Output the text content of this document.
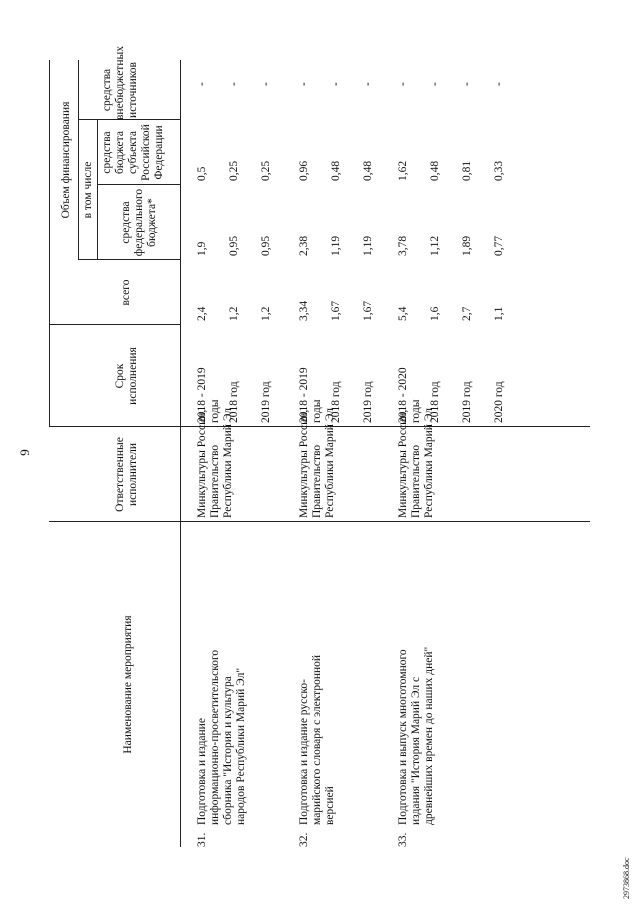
9
2973868.doc
Наименование мероприятия
Ответственные исполнители
Срок исполнения
Объем финансирования
всего
в том числе
средства федерального бюджета*
средства бюджета субъекта Российской Федерации
средства внебюджетных источников
31.
Подготовка и издание информационно-просветительского сборника "История и культура народов Республики Марий Эл"
Минкультуры России, Правительство Республики Марий Эл
2018 - 2019 годы
2,4
1,9
0,5
-
2018 год
1,2
0,95
0,25
-
2019 год
1,2
0,95
0,25
-
32.
Подготовка и издание русско- марийского словаря с электронной версией
Минкультуры России, Правительство Республики Марий Эл
2018 - 2019 годы
3,34
2,38
0,96
-
2018 год
1,67
1,19
0,48
-
2019 год
1,67
1,19
0,48
-
33.
Подготовка и выпуск многотомного издания "История Марий Эл с древнейших времен до наших дней"
Минкультуры России, Правительство Республики Марий Эл
2018 - 2020 годы
5,4
3,78
1,62
-
2018 год
1,6
1,12
0,48
-
2019 год
2,7
1,89
0,81
-
2020 год
1,1
0,77
0,33
-
